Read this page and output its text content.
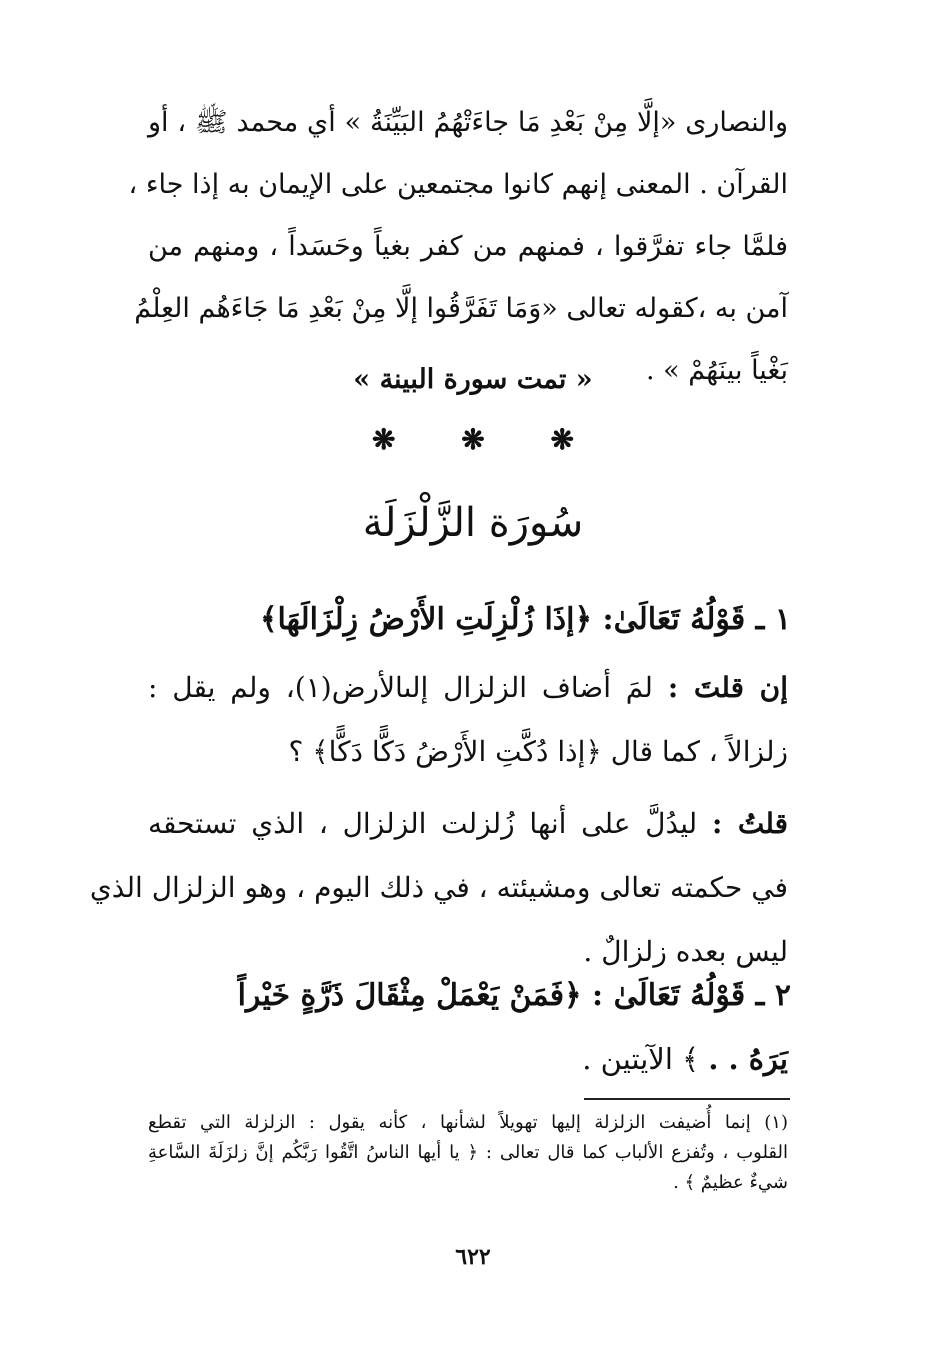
والنصارى «إلَّا مِنْ بَعْدِ مَا جاءَتْهُمُ البَيِّنَةُ » أي محمد ﷺ ، أو
القرآن . المعنى إنهم كانوا مجتمعين على الإيمان به إذا جاء ،
فلمَّا جاء تفرَّقوا ، فمنهم من كفر بغياً وحَسَداً ، ومنهم من
آمن به ،كقوله تعالى «وَمَا تَفَرَّقُوا إلَّا مِنْ بَعْدِ مَا جَاءَهُم العِلْمُ
بَغْياً بينَهُمْ » .
« تمت سورة البينة »
❋ ❋ ❋
سُورَة الزَّلْزَلَة
١ ـ قَوْلُهُ تَعَالَىٰ: ﴿إذَا زُلْزِلَتِ الأَرْضُ زِلْزَالَهَا﴾
إن قلتَ : لمَ أضاف الزلزال إلىالأرض(١)، ولم يقل :
زلزالاً ، كما قال ﴿إذا دُكَّتِ الأَرْضُ دَكًّا دَكًّا﴾ ؟
قلتُ : ليدُلَّ على أنها زُلزلت الزلزال ، الذي تستحقه
في حكمته تعالى ومشيئته ، في ذلك اليوم ، وهو الزلزال الذي
ليس بعده زلزالٌ .
٢ ـ قَوْلُهُ تَعَالَىٰ : ﴿فَمَنْ يَعْمَلْ مِثْقَالَ ذَرَّةٍ خَيْراً
يَرَهُ . . ﴾ الآيتين .
(١) إنما أُضيفت الزلزلة إليها تهويلاً لشأنها ، كأنه يقول : الزلزلة التي تقطع
القلوب ، وتُفزع الألباب كما قال تعالى : ﴿ يا أيها الناسُ اتَّقُوا رَبَّكُم إنَّ زلزَلَةَ السَّاعةِ
شيءٌ عظيمٌ ﴾ .
٦٢٢
